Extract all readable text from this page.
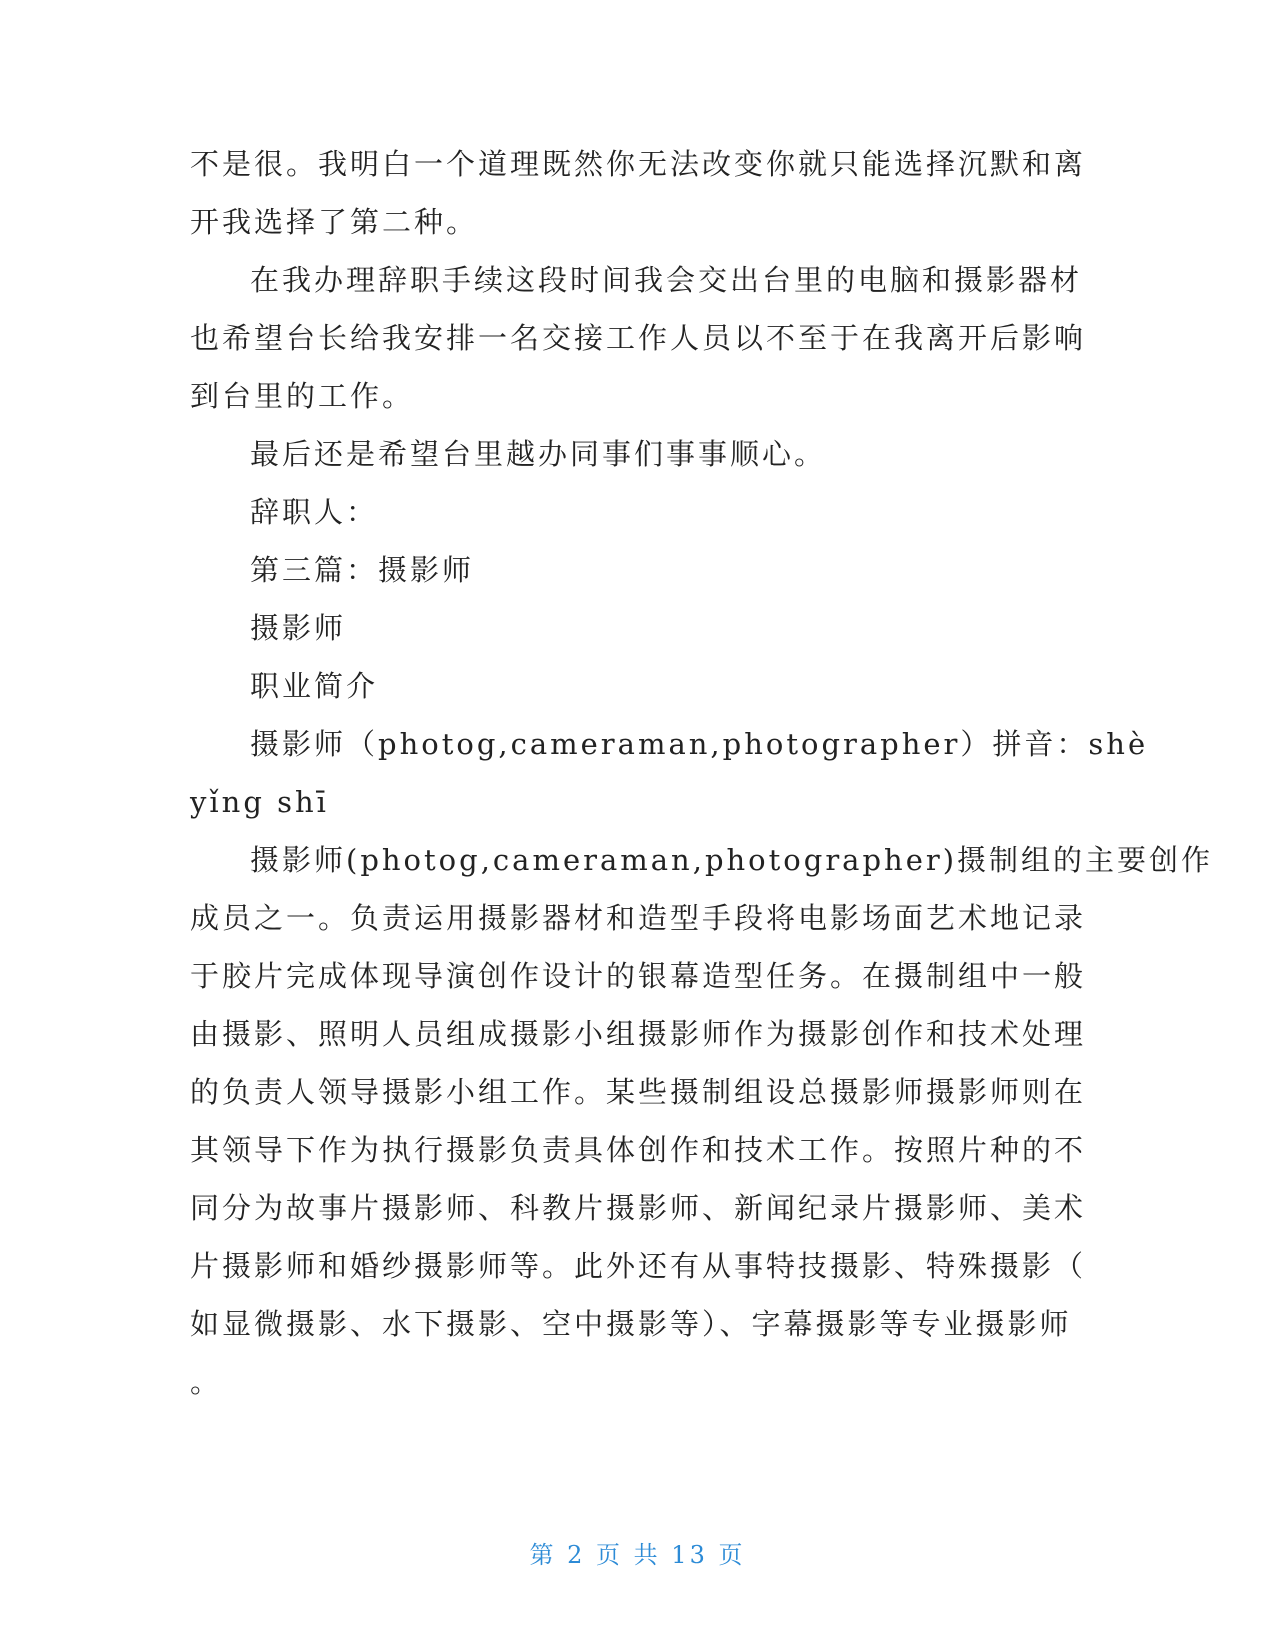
不是很。我明白一个道理既然你无法改变你就只能选择沉默和离
开我选择了第二种。
在我办理辞职手续这段时间我会交出台里的电脑和摄影器材
也希望台长给我安排一名交接工作人员以不至于在我离开后影响
到台里的工作。
最后还是希望台里越办同事们事事顺心。
辞职人：
第三篇：摄影师
摄影师
职业简介
摄影师（photog,cameraman,photographer）拼音：shè
yǐng shī
摄影师(photog,cameraman,photographer)摄制组的主要创作
成员之一。负责运用摄影器材和造型手段将电影场面艺术地记录
于胶片完成体现导演创作设计的银幕造型任务。在摄制组中一般
由摄影、照明人员组成摄影小组摄影师作为摄影创作和技术处理
的负责人领导摄影小组工作。某些摄制组设总摄影师摄影师则在
其领导下作为执行摄影负责具体创作和技术工作。按照片种的不
同分为故事片摄影师、科教片摄影师、新闻纪录片摄影师、美术
片摄影师和婚纱摄影师等。此外还有从事特技摄影、特殊摄影（
如显微摄影、水下摄影、空中摄影等）、字幕摄影等专业摄影师
。
第 2 页 共 13 页
